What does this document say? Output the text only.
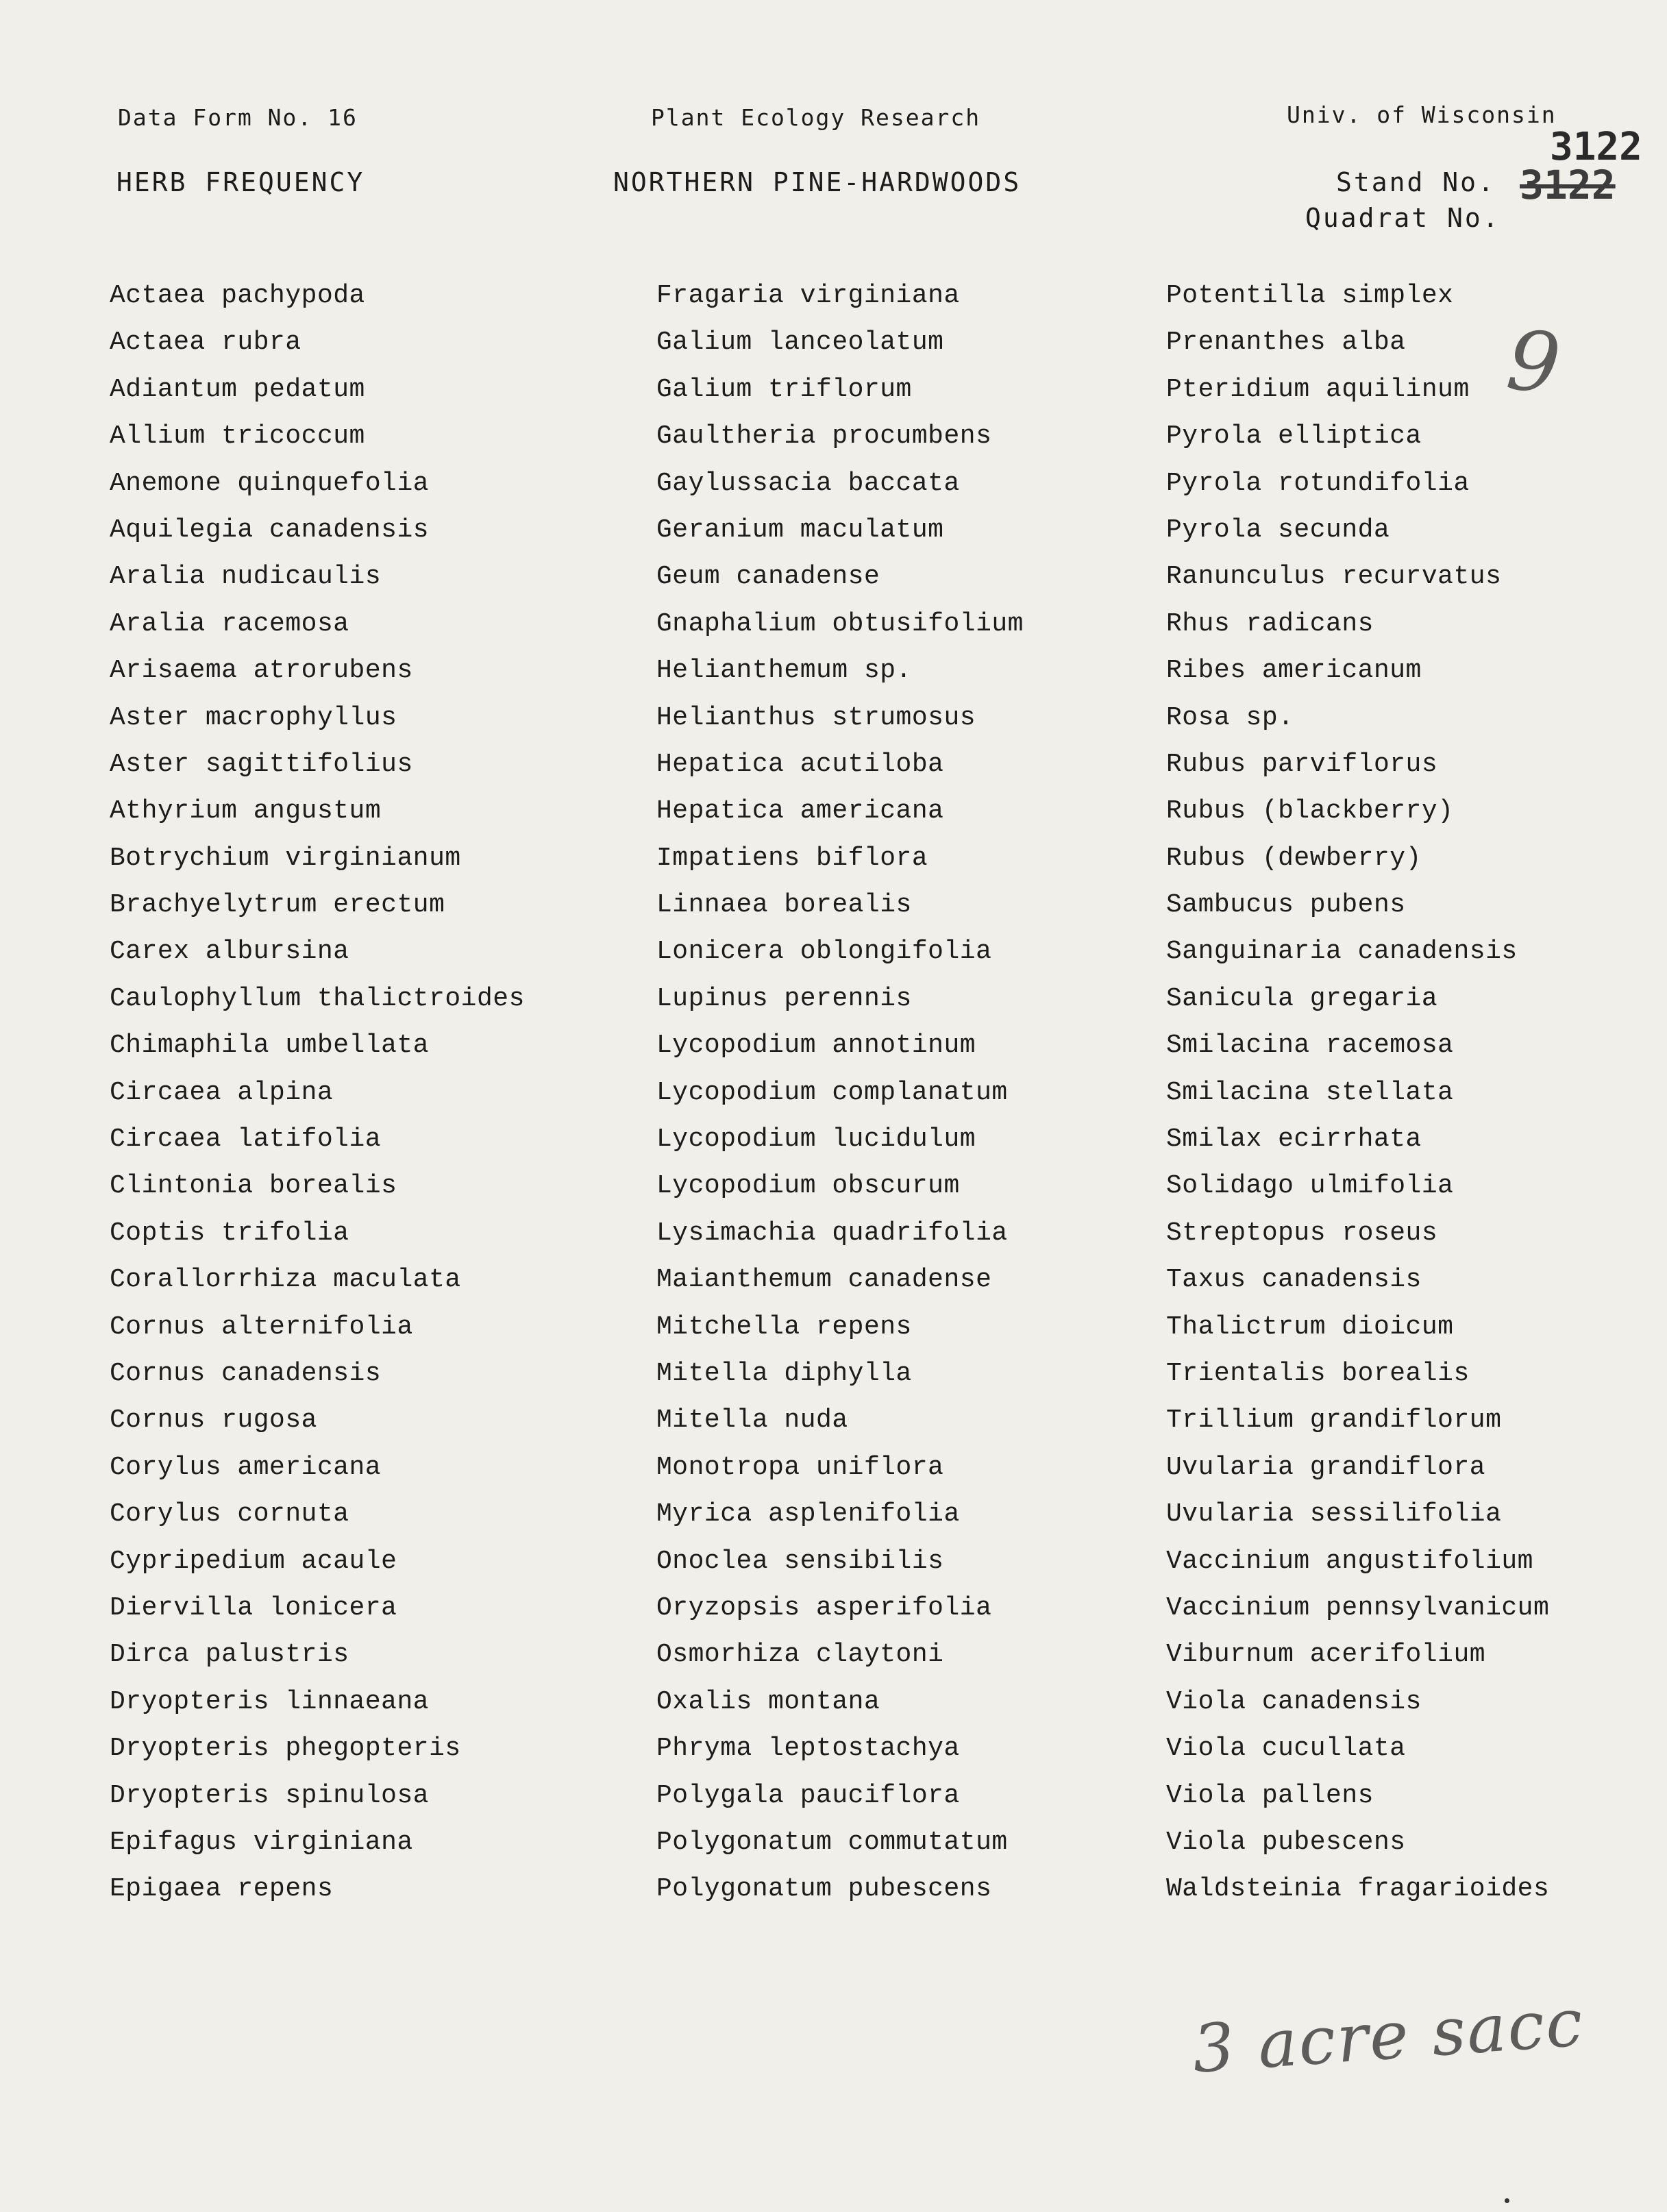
Data Form No. 16	Plant Ecology Research	Univ. of Wisconsin
HERB FREQUENCY	NORTHERN PINE-HARDWOODS	Stand No.
Quadrat No.
3122
3122
Actaea pachypoda
Actaea rubra
Adiantum pedatum
Allium tricoccum
Anemone quinquefolia
Aquilegia canadensis
Aralia nudicaulis
Aralia racemosa
Arisaema atrorubens
Aster macrophyllus
Aster sagittifolius
Athyrium angustum
Botrychium virginianum
Brachyelytrum erectum
Carex albursina
Caulophyllum thalictroides
Chimaphila umbellata
Circaea alpina
Circaea latifolia
Clintonia borealis
Coptis trifolia
Corallorrhiza maculata
Cornus alternifolia
Cornus canadensis
Cornus rugosa
Corylus americana
Corylus cornuta
Cypripedium acaule
Diervilla lonicera
Dirca palustris
Dryopteris linnaeana
Dryopteris phegopteris
Dryopteris spinulosa
Epifagus virginiana
Epigaea repens
Fragaria virginiana
Galium lanceolatum
Galium triflorum
Gaultheria procumbens
Gaylussacia baccata
Geranium maculatum
Geum canadense
Gnaphalium obtusifolium
Helianthemum sp.
Helianthus strumosus
Hepatica acutiloba
Hepatica americana
Impatiens biflora
Linnaea borealis
Lonicera oblongifolia
Lupinus perennis
Lycopodium annotinum
Lycopodium complanatum
Lycopodium lucidulum
Lycopodium obscurum
Lysimachia quadrifolia
Maianthemum canadense
Mitchella repens
Mitella diphylla
Mitella nuda
Monotropa uniflora
Myrica asplenifolia
Onoclea sensibilis
Oryzopsis asperifolia
Osmorhiza claytoni
Oxalis montana
Phryma leptostachya
Polygala pauciflora
Polygonatum commutatum
Polygonatum pubescens
Potentilla simplex
Prenanthes alba
Pteridium aquilinum
Pyrola elliptica
Pyrola rotundifolia
Pyrola secunda
Ranunculus recurvatus
Rhus radicans
Ribes americanum
Rosa sp.
Rubus parviflorus
Rubus (blackberry)
Rubus (dewberry)
Sambucus pubens
Sanguinaria canadensis
Sanicula gregaria
Smilacina racemosa
Smilacina stellata
Smilax ecirrhata
Solidago ulmifolia
Streptopus roseus
Taxus canadensis
Thalictrum dioicum
Trientalis borealis
Trillium grandiflorum
Uvularia grandiflora
Uvularia sessilifolia
Vaccinium angustifolium
Vaccinium pennsylvanicum
Viburnum acerifolium
Viola canadensis
Viola cucullata
Viola pallens
Viola pubescens
Waldsteinia fragarioides
9
3 acre sacc
